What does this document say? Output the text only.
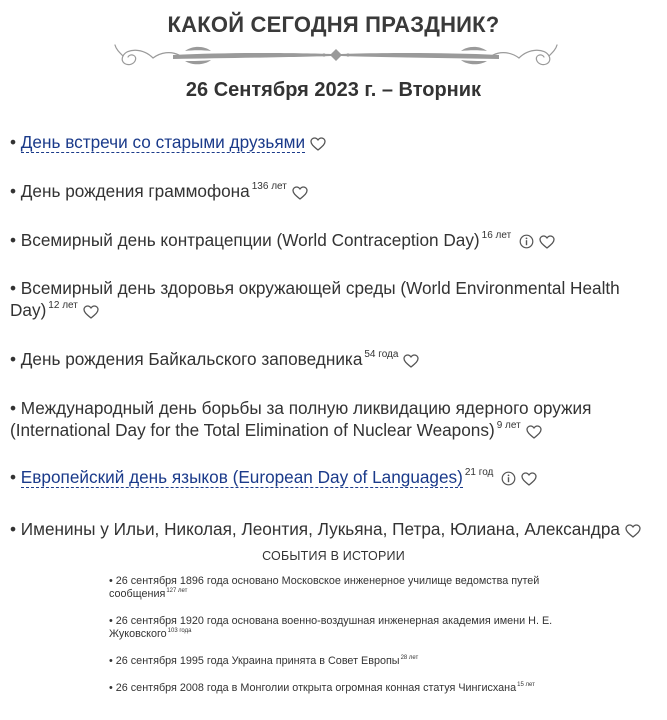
КАКОЙ СЕГОДНЯ ПРАЗДНИК?
26 Сентября 2023 г. – Вторник
• День встречи со старыми друзьями
• День рождения граммофона $^{136 лет}$
• Всемирный день контрацепции (World Contraception Day) $^{16 лет}$
• Всемирный день здоровья окружающей среды (World Environmental Health Day) $^{12 лет}$
• День рождения Байкальского заповедника $^{54 года}$
• Международный день борьбы за полную ликвидацию ядерного оружия (International Day for the Total Elimination of Nuclear Weapons) $^{9 лет}$
• Европейский день языков (European Day of Languages) $^{21 год}$
• Именины у Ильи, Николая, Леонтия, Лукьяна, Петра, Юлиана, Александра
СОБЫТИЯ В ИСТОРИИ
• 26 сентября 1896 года основано Московское инженерное училище ведомства путей сообщения$^{127 лет}$
• 26 сентября 1920 года основана военно-воздушная инженерная академия имени Н. Е. Жуковского$^{103 года}$
• 26 сентября 1995 года Украина принята в Совет Европы$^{28 лет}$
• 26 сентября 2008 года в Монголии открыта огромная конная статуя Чингисхана$^{15 лет}$
